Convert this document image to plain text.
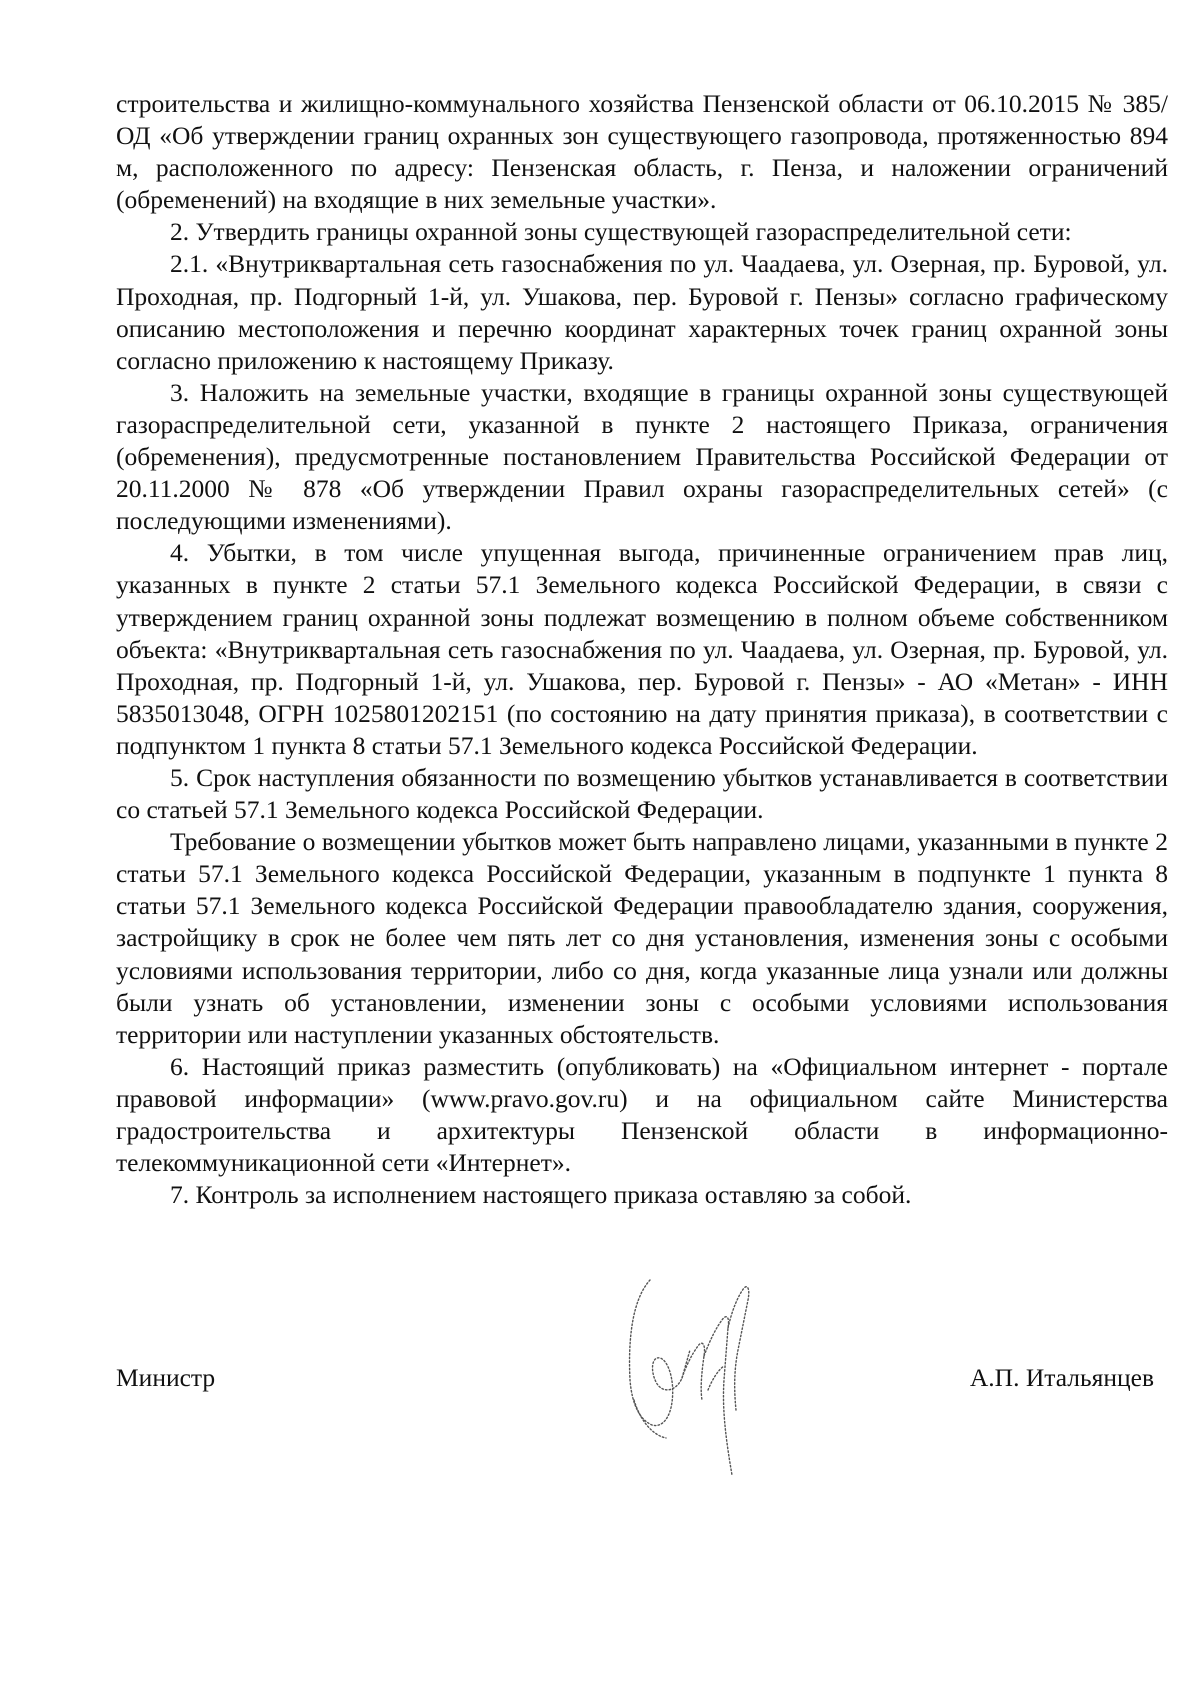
строительства и жилищно-коммунального хозяйства Пензенской области от 06.10.2015 № 385/ОД «Об утверждении границ охранных зон существующего газопровода, протяженностью 894 м, расположенного по адресу: Пензенская область, г. Пенза, и наложении ограничений (обременений) на входящие в них земельные участки».

2. Утвердить границы охранной зоны существующей газораспределительной сети:

2.1. «Внутриквартальная сеть газоснабжения по ул. Чаадаева, ул. Озерная, пр. Буровой, ул. Проходная, пр. Подгорный 1-й, ул. Ушакова, пер. Буровой г. Пензы» согласно графическому описанию местоположения и перечню координат характерных точек границ охранной зоны согласно приложению к настоящему Приказу.

3. Наложить на земельные участки, входящие в границы охранной зоны существующей газораспределительной сети, указанной в пункте 2 настоящего Приказа, ограничения (обременения), предусмотренные постановлением Правительства Российской Федерации от 20.11.2000 № 878 «Об утверждении Правил охраны газораспределительных сетей» (с последующими изменениями).

4. Убытки, в том числе упущенная выгода, причиненные ограничением прав лиц, указанных в пункте 2 статьи 57.1 Земельного кодекса Российской Федерации, в связи с утверждением границ охранной зоны подлежат возмещению в полном объеме собственником объекта: «Внутриквартальная сеть газоснабжения по ул. Чаадаева, ул. Озерная, пр. Буровой, ул. Проходная, пр. Подгорный 1-й, ул. Ушакова, пер. Буровой г. Пензы» - АО «Метан» - ИНН 5835013048, ОГРН 1025801202151 (по состоянию на дату принятия приказа), в соответствии с подпунктом 1 пункта 8 статьи 57.1 Земельного кодекса Российской Федерации.

5. Срок наступления обязанности по возмещению убытков устанавливается в соответствии со статьей 57.1 Земельного кодекса Российской Федерации.

Требование о возмещении убытков может быть направлено лицами, указанными в пункте 2 статьи 57.1 Земельного кодекса Российской Федерации, указанным в подпункте 1 пункта 8 статьи 57.1 Земельного кодекса Российской Федерации правообладателю здания, сооружения, застройщику в срок не более чем пять лет со дня установления, изменения зоны с особыми условиями использования территории, либо со дня, когда указанные лица узнали или должны были узнать об установлении, изменении зоны с особыми условиями использования территории или наступлении указанных обстоятельств.

6. Настоящий приказ разместить (опубликовать) на «Официальном интернет - портале правовой информации» (www.pravo.gov.ru) и на официальном сайте Министерства градостроительства и архитектуры Пензенской области в информационно-телекоммуникационной сети «Интернет».

7. Контроль за исполнением настоящего приказа оставляю за собой.

Министр	А.П. Итальянцев
